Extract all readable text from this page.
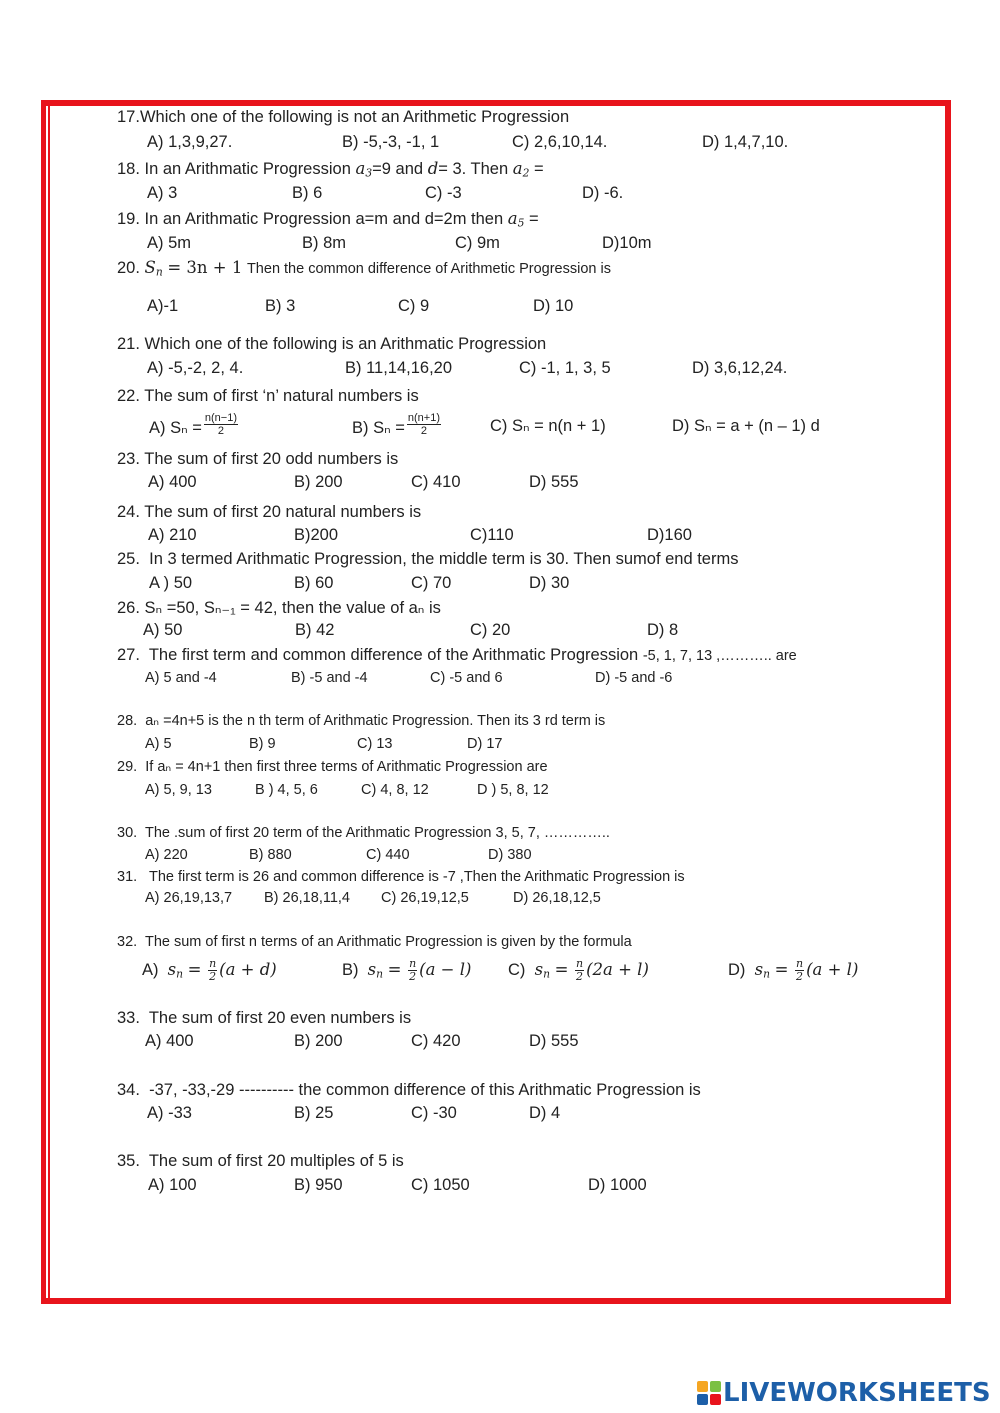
17.Which one of the following is not an Arithmetic Progression
A) 1,3,9,27.	B) -5,-3, -1, 1	C) 2,6,10,14.	D) 1,4,7,10.
18. In an Arithmatic Progression $a_3=9$ and d= 3. Then $a_2$ =
A) 3	B) 6	C) -3	D) -6.
19. In an Arithmatic Progression a=m and d=2m then $a_5$ =
A) 5m	B) 8m	C) 9m	D)10m
20. $S_n = 3n + 1$ Then the common difference of Arithmetic Progression is
A)-1	B) 3	C) 9	D) 10
21. Which one of the following is an Arithmatic Progression
A) -5,-2, 2, 4.	B) 11,14,16,20	C) -1, 1, 3, 5	D) 3,6,12,24.
22. The sum of first ‘n’ natural numbers is
A) $S_n = \frac{n(n-1)}{2}$	B) $S_n = \frac{n(n+1)}{2}$	C) Sₙ = n(n + 1)	D) Sₙ = a + (n – 1) d
23. The sum of first 20 odd numbers is
A) 400	B) 200	C) 410	D) 555
24. The sum of first 20 natural numbers is
A) 210	B)200	C)110	D)160
25. In 3 termed Arithmatic Progression, the middle term is 30. Then sumof end terms
A ) 50	B) 60	C) 70	D) 30
26. Sₙ =50, Sₙ₋₁ = 42, then the value of aₙ is
A) 50	B) 42	C) 20	D) 8
27. The first term and common difference of the Arithmatic Progression -5, 1, 7, 13 ,……….. are
A) 5 and -4	B) -5 and -4	C) -5 and 6	D) -5 and -6
28. aₙ =4n+5 is the n th term of Arithmatic Progression. Then its 3 rd term is
A) 5	B) 9	C) 13	D) 17
29. If aₙ = 4n+1 then first three terms of Arithmatic Progression are
A) 5, 9, 13	B ) 4, 5, 6	C) 4, 8, 12	D ) 5, 8, 12
30. The .sum of first 20 term of the Arithmatic Progression 3, 5, 7, …………..
A) 220	B) 880	C) 440	D) 380
31. The first term is 26 and common difference is -7 ,Then the Arithmatic Progression is
A) 26,19,13,7 B) 26,18,11,4 C) 26,19,12,5	D) 26,18,12,5
32. The sum of first n terms of an Arithmatic Progression is given by the formula
A) $s_n = \frac{n}{2} (a + d)$	B) $s_n = \frac{n}{2} (a - l)$ C) $s_n = \frac{n}{2} (2a + l)$	D) $s_n = \frac{n}{2} (a + l)$
33. The sum of first 20 even numbers is
A) 400	B) 200	C) 420	D) 555
34. -37, -33,-29 ---------- the common difference of this Arithmatic Progression is
A) -33	B) 25	C) -30	D) 4
35. The sum of first 20 multiples of 5 is
A) 100	B) 950	C) 1050	D) 1000
LIVEWORKSHEETS
